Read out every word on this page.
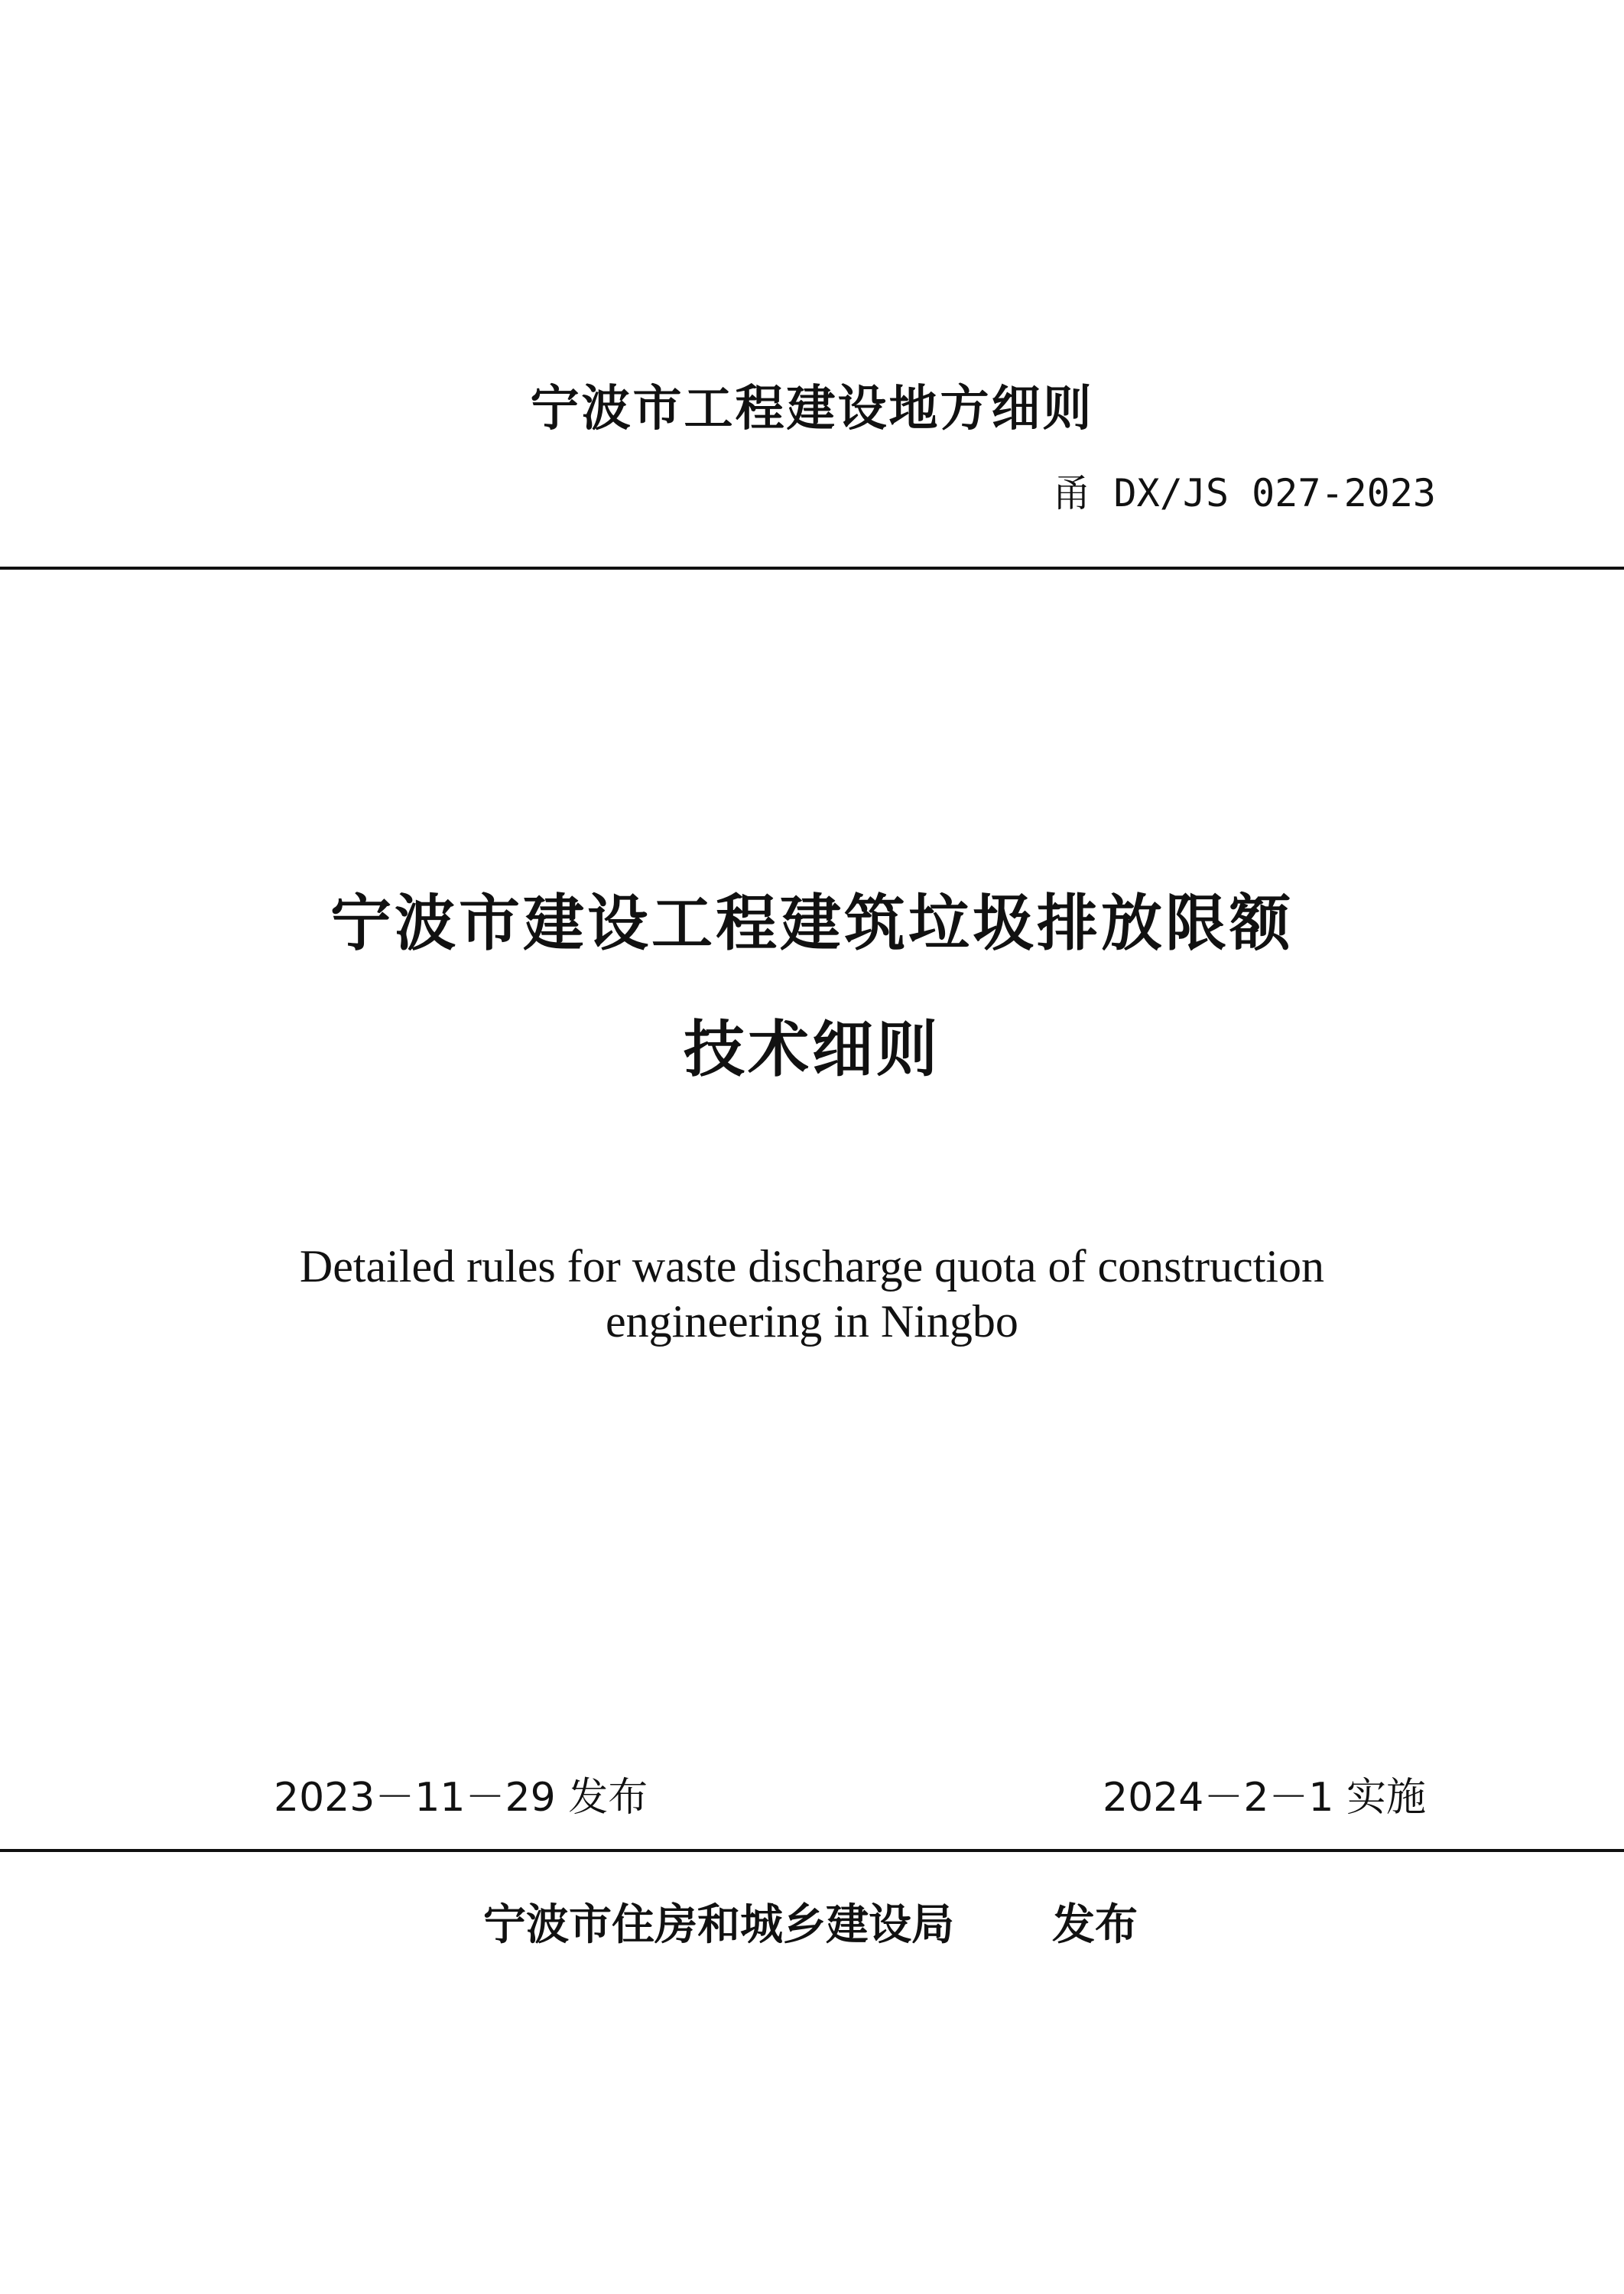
宁波市工程建设地方细则
甬 DX/JS 027-2023
宁波市建设工程建筑垃圾排放限额
技术细则
Detailed rules for waste discharge quota of construction
engineering in Ningbo
2023－11－29 发布	2024－2－1 实施
宁波市住房和城乡建设局 发布
